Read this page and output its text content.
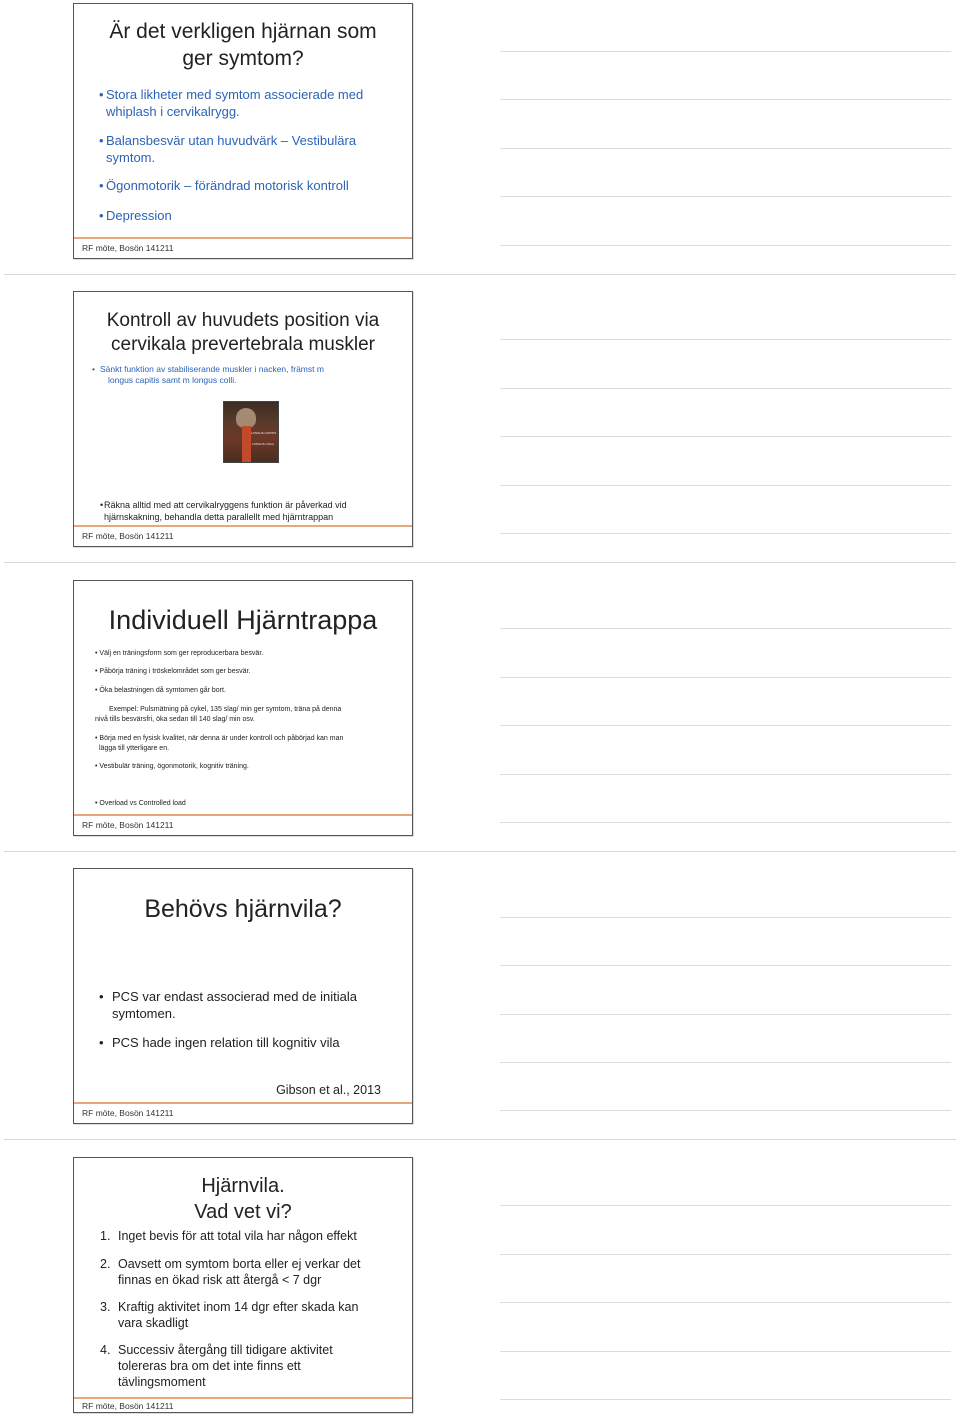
Är det verkligen hjärnan som
ger symtom?
• Stora likheter med symtom associerade med
whiplash i cervikalrygg.
• Balansbesvär utan huvudvärk – Vestibulära
symtom.
• Ögonmotorik – förändrad motorisk kontroll
• Depression
RF möte, Bosön 141211
Kontroll av huvudets position via
cervikala prevertebrala muskler
• Sänkt funktion av stabiliserande muskler i nacken, främst m
longus capitis samt m longus colli.
LONGUS CAPITIS
LONGUS COLLI
• Räkna alltid med att cervikalryggens funktion är påverkad vid
hjärnskakning, behandla detta parallellt med hjärntrappan
RF möte, Bosön 141211
Individuell Hjärntrappa
• Välj en träningsform som ger reproducerbara besvär.
• Påbörja träning i tröskelområdet som ger besvär.
• Öka belastningen då symtomen går bort.
Exempel: Pulsmätning på cykel, 135 slag/ min ger symtom, träna på denna
nivå tills besvärsfri, öka sedan till 140 slag/ min osv.
• Börja med en fysisk kvalitet, när denna är under kontroll och påbörjad kan man
lägga till ytterligare en.
• Vestibulär träning, ögonmotorik, kognitiv träning.
• Overload vs Controlled load
RF möte, Bosön 141211
Behövs hjärnvila?
• PCS var endast associerad med de initiala
symtomen.
• PCS hade ingen relation till kognitiv vila
Gibson et al., 2013
RF möte, Bosön 141211
Hjärnvila.
Vad vet vi?
1. Inget bevis för att total vila har någon effekt
2. Oavsett om symtom borta eller ej verkar det
finnas en ökad risk att återgå < 7 dgr
3. Kraftig aktivitet inom 14 dgr efter skada kan
vara skadligt
4. Successiv återgång till tidigare aktivitet
tolereras bra om det inte finns ett
tävlingsmoment
RF möte, Bosön 141211
